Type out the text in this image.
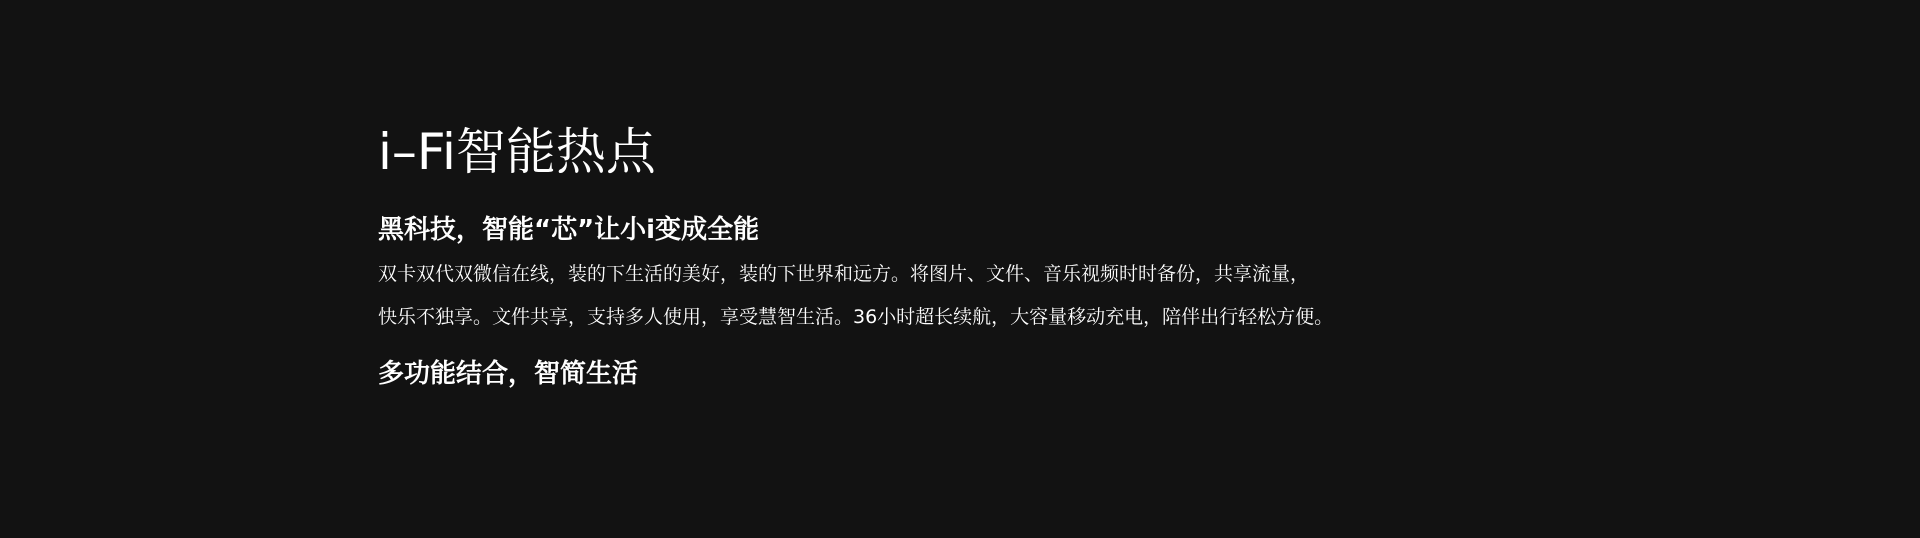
i–Fi智能热点
黑科技，智能“芯”让小i变成全能

双卡双代双微信在线，装的下生活的美好，装的下世界和远方。将图片、文件、音乐视频时时备份，共享流量，

快乐不独享。文件共享，支持多人使用，享受慧智生活。36小时超长续航，大容量移动充电，陪伴出行轻松方便。

多功能结合，智简生活
